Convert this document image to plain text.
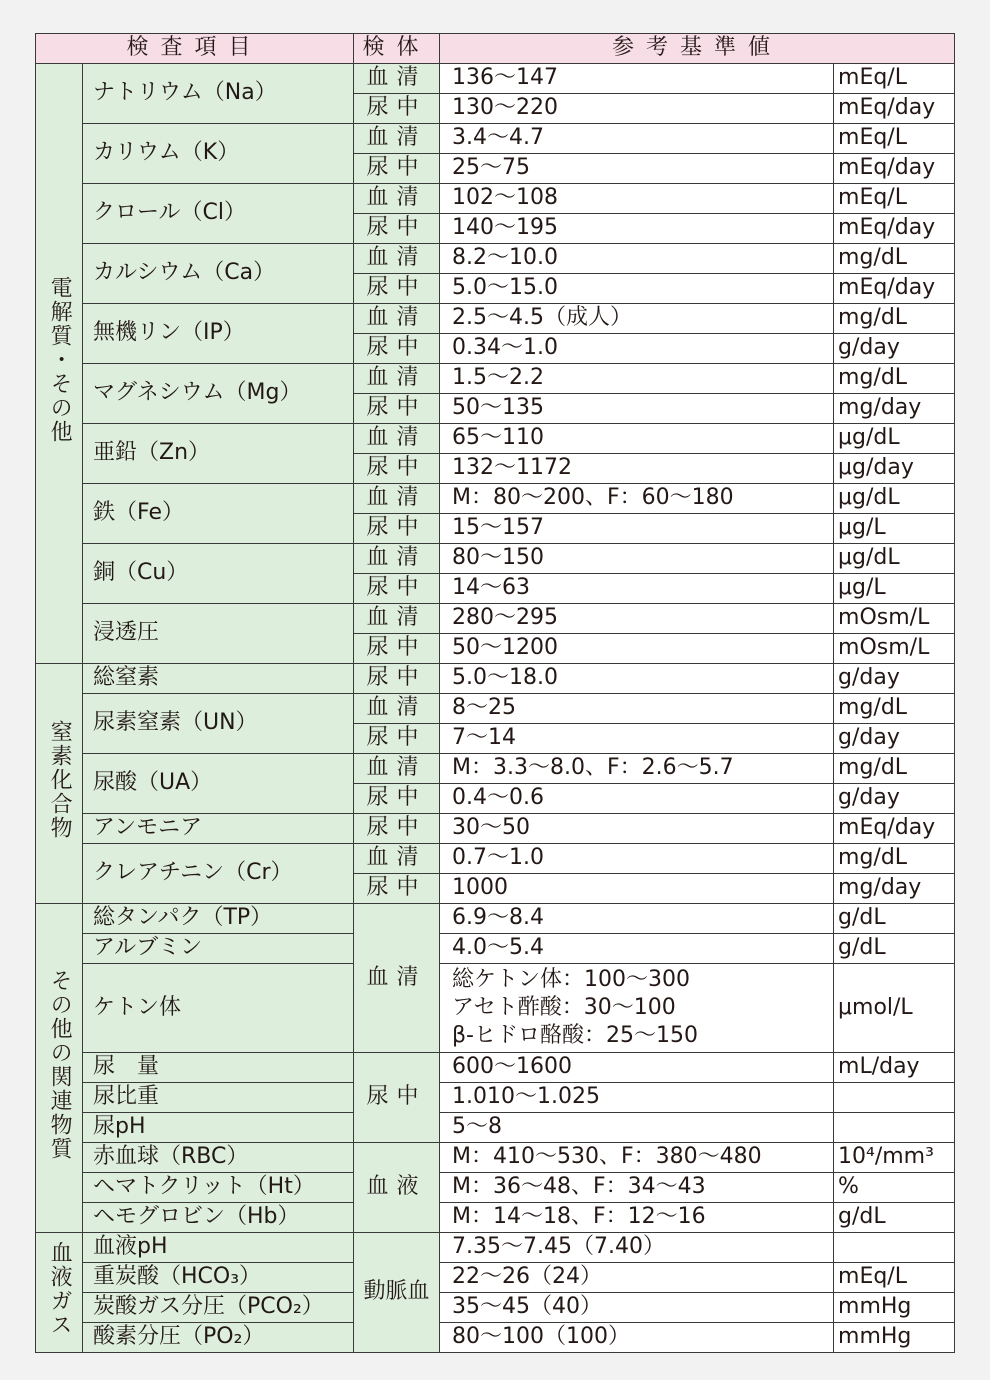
検査項目		検体	参考基準値	
電解質・その他	ナトリウム（Na）	血清	136〜147	mEq/L
		尿中	130〜220	mEq/day
	カリウム（K）	血清	3.4〜4.7	mEq/L
		尿中	25〜75	mEq/day
	クロール（Cl）	血清	102〜108	mEq/L
		尿中	140〜195	mEq/day
	カルシウム（Ca）	血清	8.2〜10.0	mg/dL
		尿中	5.0〜15.0	mEq/day
	無機リン（IP）	血清	2.5〜4.5（成人）	mg/dL
		尿中	0.34〜1.0	g/day
	マグネシウム（Mg）	血清	1.5〜2.2	mg/dL
		尿中	50〜135	mg/day
	亜鉛（Zn）	血清	65〜110	μg/dL
		尿中	132〜1172	μg/day
	鉄（Fe）	血清	M：80〜200、F：60〜180	μg/dL
		尿中	15〜157	μg/L
	銅（Cu）	血清	80〜150	μg/dL
		尿中	14〜63	μg/L
	浸透圧	血清	280〜295	mOsm/L
		尿中	50〜1200	mOsm/L
窒素化合物	総窒素	尿中	5.0〜18.0	g/day
	尿素窒素（UN）	血清	8〜25	mg/dL
		尿中	7〜14	g/day
	尿酸（UA）	血清	M：3.3〜8.0、F：2.6〜5.7	mg/dL
		尿中	0.4〜0.6	g/day
	アンモニア	尿中	30〜50	mEq/day
	クレアチニン（Cr）	血清	0.7〜1.0	mg/dL
		尿中	1000	mg/day
その他の関連物質	総タンパク（TP）	血清	6.9〜8.4	g/dL
	アルブミン		4.0〜5.4	g/dL
	ケトン体		総ケトン体：100〜300
アセト酢酸：30〜100
β-ヒドロ酪酸：25〜150	μmol/L
	尿　量	尿中	600〜1600	mL/day
	尿比重		1.010〜1.025	
	尿pH		5〜8	
	赤血球（RBC）	血液	M：410〜530、F：380〜480	10⁴/mm³
	ヘマトクリット（Ht）		M：36〜48、F：34〜43	%
	ヘモグロビン（Hb）		M：14〜18、F：12〜16	g/dL
血液ガス	血液pH	動脈血	7.35〜7.45（7.40）	
	重炭酸（HCO₃）		22〜26（24）	mEq/L
	炭酸ガス分圧（PCO₂）		35〜45（40）	mmHg
	酸素分圧（PO₂）		80〜100（100）	mmHg
